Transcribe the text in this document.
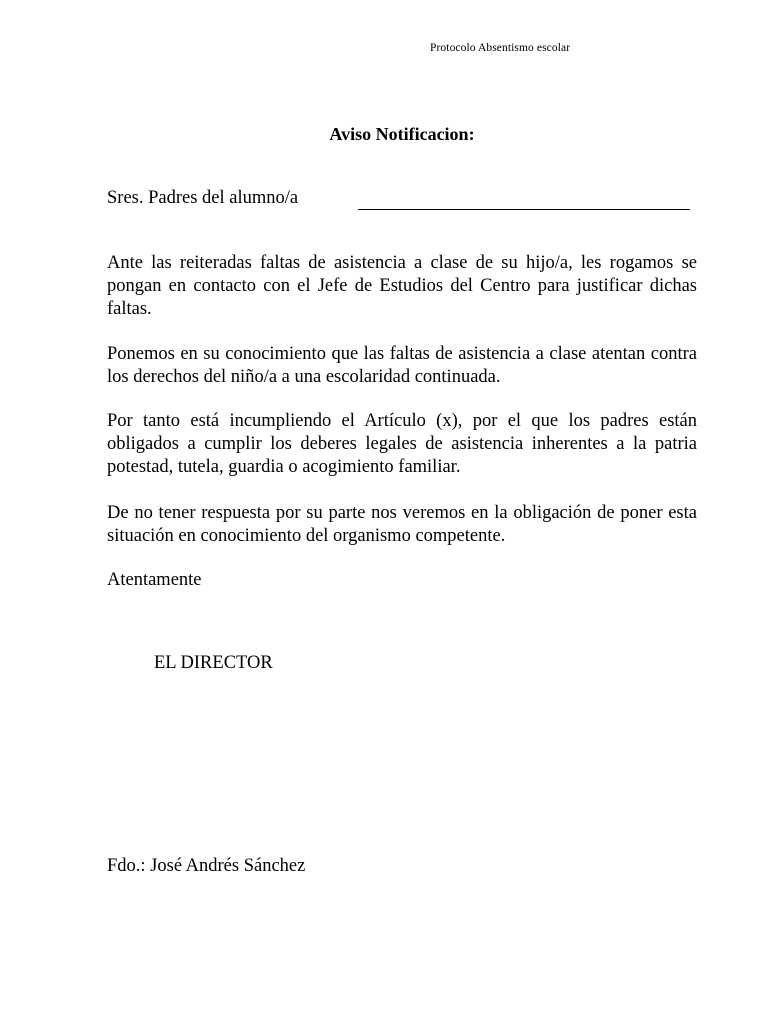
Protocolo Absentismo escolar
Aviso Notificacion:
Sres. Padres del alumno/a

Ante las reiteradas faltas de asistencia a clase de su hijo/a, les rogamos se pongan en contacto con el Jefe de Estudios del Centro para justificar dichas faltas.

Ponemos en su conocimiento que las faltas de asistencia a clase atentan contra los derechos del niño/a a una escolaridad continuada.

Por tanto está incumpliendo el Artículo (x), por el que los padres están obligados a cumplir los deberes legales de asistencia inherentes a la patria potestad, tutela, guardia o acogimiento familiar.

De no tener respuesta por su parte nos veremos en la obligación de poner esta situación en conocimiento del organismo competente.

Atentamente
EL DIRECTOR
Fdo.: José Andrés Sánchez
